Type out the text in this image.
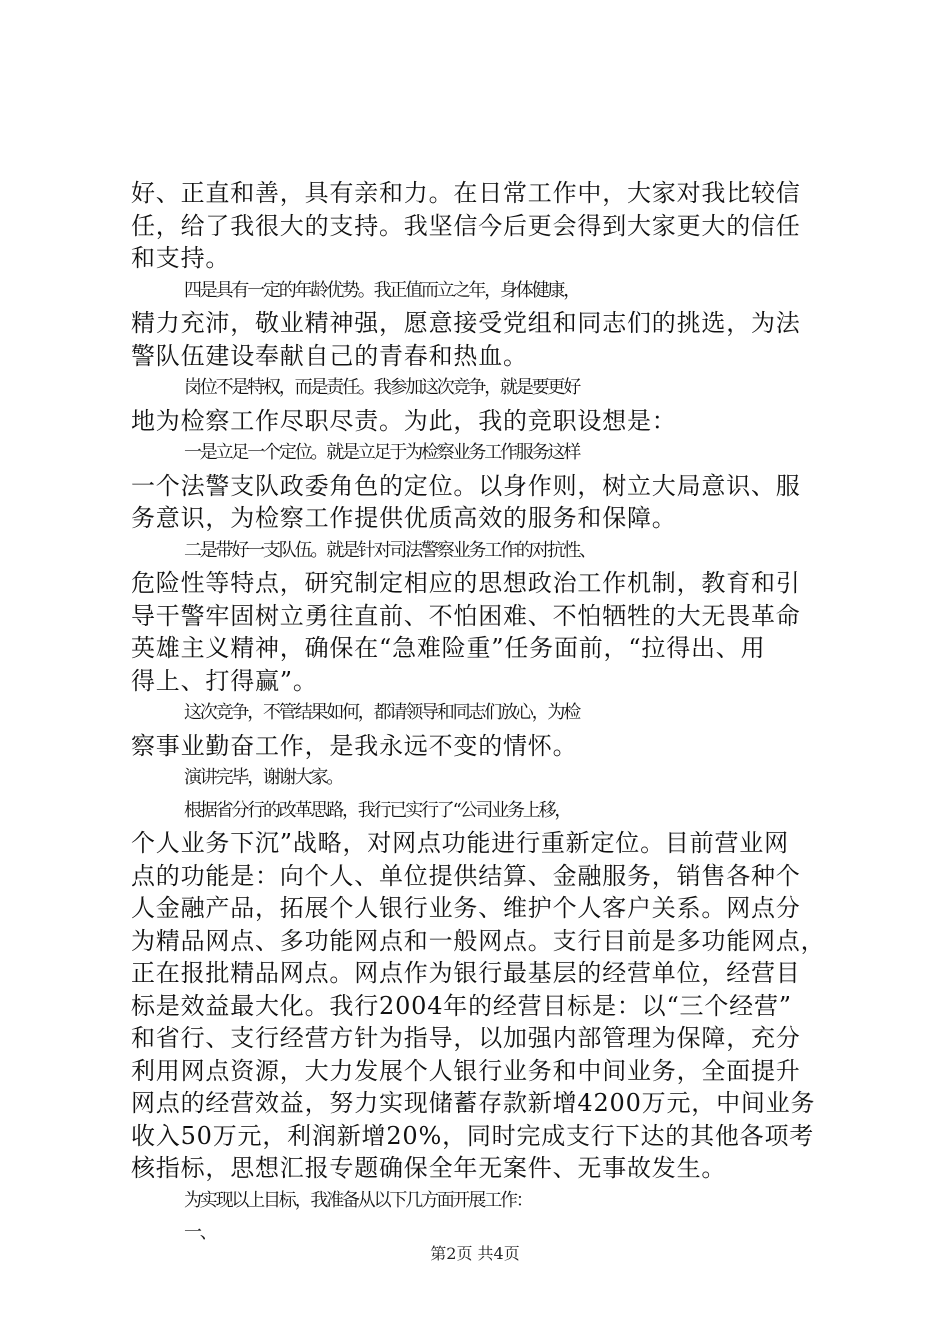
好、正直和善，具有亲和力。在日常工作中，大家对我比较信
任，给了我很大的支持。我坚信今后更会得到大家更大的信任
和支持。
四是具有一定的年龄优势。我正值而立之年，身体健康，
精力充沛，敬业精神强，愿意接受党组和同志们的挑选，为法
警队伍建设奉献自己的青春和热血。
岗位不是特权，而是责任。我参加这次竞争，就是要更好
地为检察工作尽职尽责。为此，我的竞职设想是：
一是立足一个定位。就是立足于为检察业务工作服务这样
一个法警支队政委角色的定位。以身作则，树立大局意识、服
务意识，为检察工作提供优质高效的服务和保障。
二是带好一支队伍。就是针对司法警察业务工作的对抗性、
危险性等特点，研究制定相应的思想政治工作机制，教育和引
导干警牢固树立勇往直前、不怕困难、不怕牺牲的大无畏革命
英雄主义精神，确保在“急难险重”任务面前，“拉得出、用
得上、打得赢”。
这次竞争，不管结果如何，都请领导和同志们放心，为检
察事业勤奋工作，是我永远不变的情怀。
演讲完毕，谢谢大家。
根据省分行的改革思路，我行已实行了“公司业务上移，
个人业务下沉”战略，对网点功能进行重新定位。目前营业网
点的功能是：向个人、单位提供结算、金融服务，销售各种个
人金融产品，拓展个人银行业务、维护个人客户关系。网点分
为精品网点、多功能网点和一般网点。支行目前是多功能网点，
正在报批精品网点。网点作为银行最基层的经营单位，经营目
标是效益最大化。我行2004年的经营目标是：以“三个经营”
和省行、支行经营方针为指导，以加强内部管理为保障，充分
利用网点资源，大力发展个人银行业务和中间业务，全面提升
网点的经营效益，努力实现储蓄存款新增4200万元，中间业务
收入50万元，利润新增20%，同时完成支行下达的其他各项考
核指标，思想汇报专题确保全年无案件、无事故发生。
为实现以上目标，我准备从以下几方面开展工作：
一、
第2页 共4页
